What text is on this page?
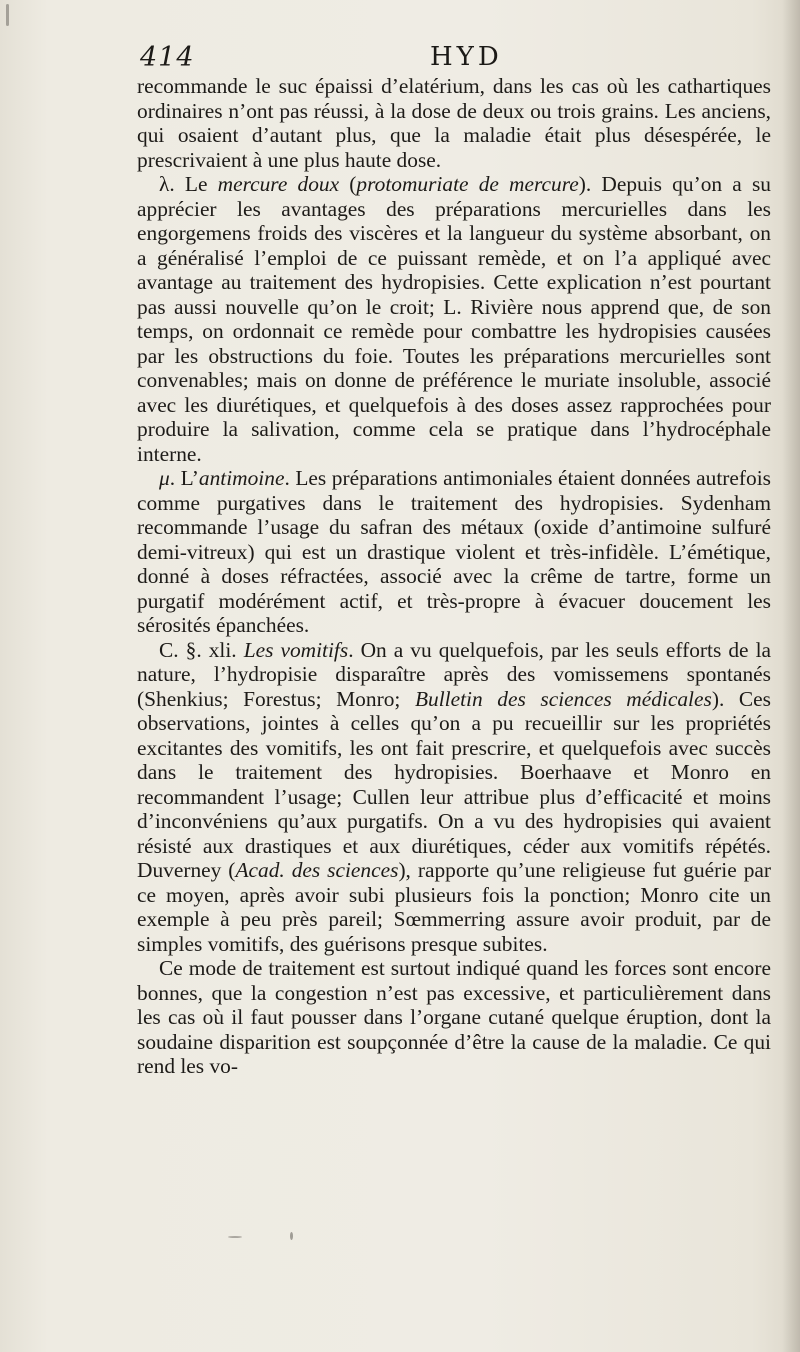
414	HYD

recommande le suc épaissi d’elatérium, dans les cas où les cathartiques ordinaires n’ont pas réussi, à la dose de deux ou trois grains. Les anciens, qui osaient d’autant plus, que la maladie était plus désespérée, le prescrivaient à une plus haute dose.

λ. Le mercure doux (protomuriate de mercure). Depuis qu’on a su apprécier les avantages des préparations mercurielles dans les engorgemens froids des viscères et la langueur du système absorbant, on a généralisé l’emploi de ce puissant remède, et on l’a appliqué avec avantage au traitement des hydropisies. Cette explication n’est pourtant pas aussi nouvelle qu’on le croit; L. Rivière nous apprend que, de son temps, on ordonnait ce remède pour combattre les hydropisies causées par les obstructions du foie. Toutes les préparations mercurielles sont convenables; mais on donne de préférence le muriate insoluble, associé avec les diurétiques, et quelquefois à des doses assez rapprochées pour produire la salivation, comme cela se pratique dans l’hydrocéphale interne.

μ. L’antimoine. Les préparations antimoniales étaient données autrefois comme purgatives dans le traitement des hydropisies. Sydenham recommande l’usage du safran des métaux (oxide d’antimoine sulfuré demi-vitreux) qui est un drastique violent et très-infidèle. L’émétique, donné à doses réfractées, associé avec la crême de tartre, forme un purgatif modérément actif, et très-propre à évacuer doucement les sérosités épanchées.

C. §. xli. Les vomitifs. On a vu quelquefois, par les seuls efforts de la nature, l’hydropisie disparaître après des vomissemens spontanés (Shenkius; Forestus; Monro; Bulletin des sciences médicales). Ces observations, jointes à celles qu’on a pu recueillir sur les propriétés excitantes des vomitifs, les ont fait prescrire, et quelquefois avec succès dans le traitement des hydropisies. Boerhaave et Monro en recommandent l’usage; Cullen leur attribue plus d’efficacité et moins d’inconvéniens qu’aux purgatifs. On a vu des hydropisies qui avaient résisté aux drastiques et aux diurétiques, céder aux vomitifs répétés. Duverney (Acad. des sciences), rapporte qu’une religieuse fut guérie par ce moyen, après avoir subi plusieurs fois la ponction; Monro cite un exemple à peu près pareil; Sœmmerring assure avoir produit, par de simples vomitifs, des guérisons presque subites.

Ce mode de traitement est surtout indiqué quand les forces sont encore bonnes, que la congestion n’est pas excessive, et particulièrement dans les cas où il faut pousser dans l’organe cutané quelque éruption, dont la soudaine disparition est soupçonnée d’être la cause de la maladie. Ce qui rend les vo-
